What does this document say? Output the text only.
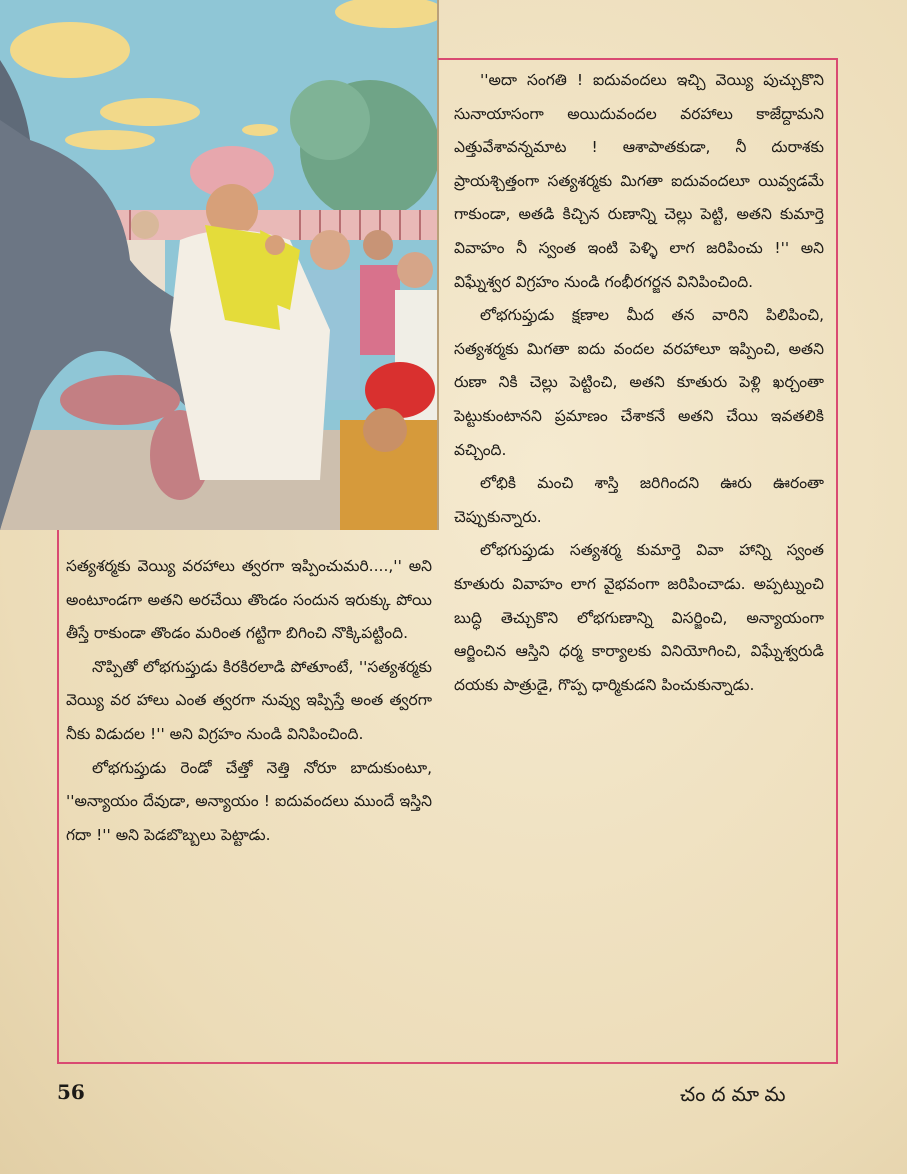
''అదా సంగతి ! ఐదువందలు ఇచ్చి వెయ్యి పుచ్చుకొని సునాయాసంగా అయిదువందల వరహాలు కాజేద్దామని ఎత్తువేశావన్నమాట ! ఆశాపాతకుడా, నీ దురాశకు ప్రాయశ్చిత్తంగా సత్యశర్మకు మిగతా ఐదువందలూ యివ్వడమే గాకుండా, అతడి కిచ్చిన రుణాన్ని చెల్లు పెట్టి, అతని కుమార్తె వివాహం నీ స్వంత ఇంటి పెళ్ళి లాగ జరిపించు !'' అని విఘ్నేశ్వర విగ్రహం నుండి గంభీరగర్జన వినిపించింది.

లోభగుప్తుడు క్షణాల మీద తన వారిని పిలిపించి, సత్యశర్మకు మిగతా ఐదు వందల వరహాలూ ఇప్పించి, అతని రుణా నికి చెల్లు పెట్టించి, అతని కూతురు పెళ్లి ఖర్చంతా పెట్టుకుంటానని ప్రమాణం చేశాకనే అతని చేయి ఇవతలికి వచ్చింది.

లోభికి మంచి శాస్తి జరిగిందని ఊరు ఊరంతా చెప్పుకున్నారు.

లోభగుప్తుడు సత్యశర్మ కుమార్తె వివా హాన్ని స్వంత కూతురు వివాహం లాగ వైభవంగా జరిపించాడు. అప్పట్నుంచి బుద్ధి తెచ్చుకొని లోభగుణాన్ని విసర్జించి, అన్యాయంగా ఆర్జించిన ఆస్తిని ధర్మ కార్యాలకు వినియోగించి, విఘ్నేశ్వరుడి దయకు పాత్రుడై, గొప్ప ధార్మికుడని పించుకున్నాడు.

సత్యశర్మకు వెయ్యి వరహాలు త్వరగా ఇప్పించుమరి....,'' అని అంటూండగా అతని అరచేయి తొండం సందున ఇరుక్కు పోయి తీస్తే రాకుండా తొండం మరింత గట్టిగా బిగించి నొక్కిపట్టింది.

నొప్పితో లోభగుప్తుడు కిరకిరలాడి పోతూంటే, ''సత్యశర్మకు వెయ్యి వర హాలు ఎంత త్వరగా నువ్వు ఇప్పిస్తే అంత త్వరగా నీకు విడుదల !'' అని విగ్రహం నుండి వినిపించింది.

లోభగుప్తుడు రెండో చేత్తో నెత్తి నోరూ బాదుకుంటూ, ''అన్యాయం దేవుడా, అన్యాయం ! ఐదువందలు ముందే ఇస్తిని గదా !'' అని పెడబొబ్బలు పెట్టాడు.

56	చందమామ
